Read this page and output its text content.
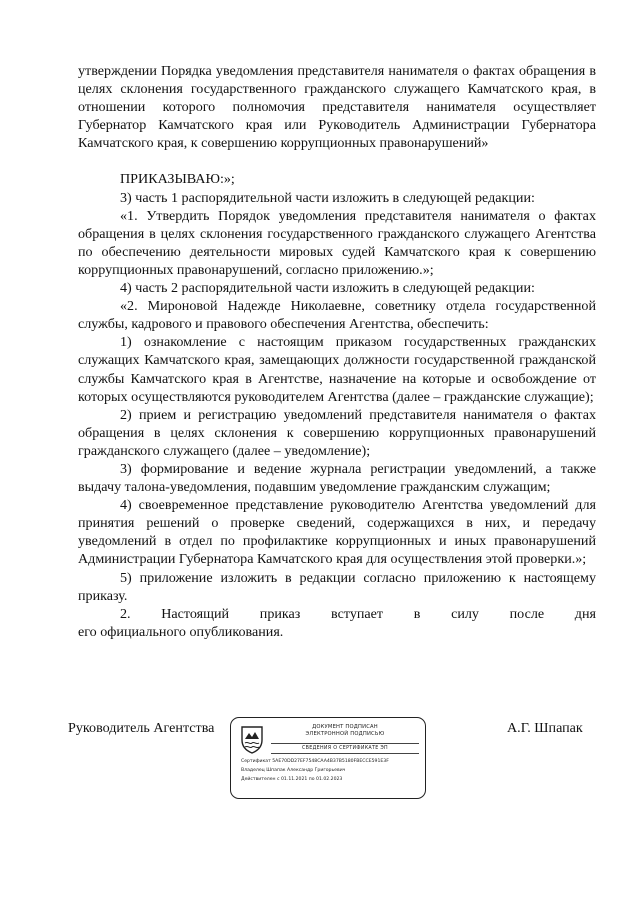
утверждении Порядка уведомления представителя нанимателя о фактах обращения в целях склонения государственного гражданского служащего Камчатского края, в отношении которого полномочия представителя нанимателя осуществляет Губернатор Камчатского края или Руководитель Администрации Губернатора Камчатского края, к совершению коррупционных правонарушений»

ПРИКАЗЫВАЮ:»;

3) часть 1 распорядительной части изложить в следующей редакции:

«1. Утвердить Порядок уведомления представителя нанимателя о фактах обращения в целях склонения государственного гражданского служащего Агентства по обеспечению деятельности мировых судей Камчатского края к совершению коррупционных правонарушений, согласно приложению.»;

4) часть 2 распорядительной части изложить в следующей редакции:

«2. Мироновой Надежде Николаевне, советнику отдела государственной службы, кадрового и правового обеспечения Агентства, обеспечить:

1) ознакомление с настоящим приказом государственных гражданских служащих Камчатского края, замещающих должности государственной гражданской службы Камчатского края в Агентстве, назначение на которые и освобождение от которых осуществляются руководителем Агентства (далее – гражданские служащие);

2) прием и регистрацию уведомлений представителя нанимателя о фактах обращения в целях склонения к совершению коррупционных правонарушений гражданского служащего (далее – уведомление);

3) формирование и ведение журнала регистрации уведомлений, а также выдачу талона-уведомления, подавшим уведомление гражданским служащим;

4) своевременное представление руководителю Агентства уведомлений для принятия решений о проверке сведений, содержащихся в них, и передачу уведомлений в отдел по профилактике коррупционных и иных правонарушений Администрации Губернатора Камчатского края для осуществления этой проверки.»;

5) приложение изложить в редакции согласно приложению к настоящему приказу.

2. Настоящий приказ вступает в силу после дня

его официального опубликования.

Руководитель Агентства	ДОКУМЕНТ ПОДПИСАН
ЭЛЕКТРОННОЙ ПОДПИСЬЮ
СВЕДЕНИЯ О СЕРТИФИКАТЕ ЭП
Сертификат 5AE70DD27EF7548CAA4B37B5180FBECCE591E3F
Владелец Шпапак Александр Григорьевич
Действителен с 01.11.2021 по 01.02.2023
А.Г. Шпапак
